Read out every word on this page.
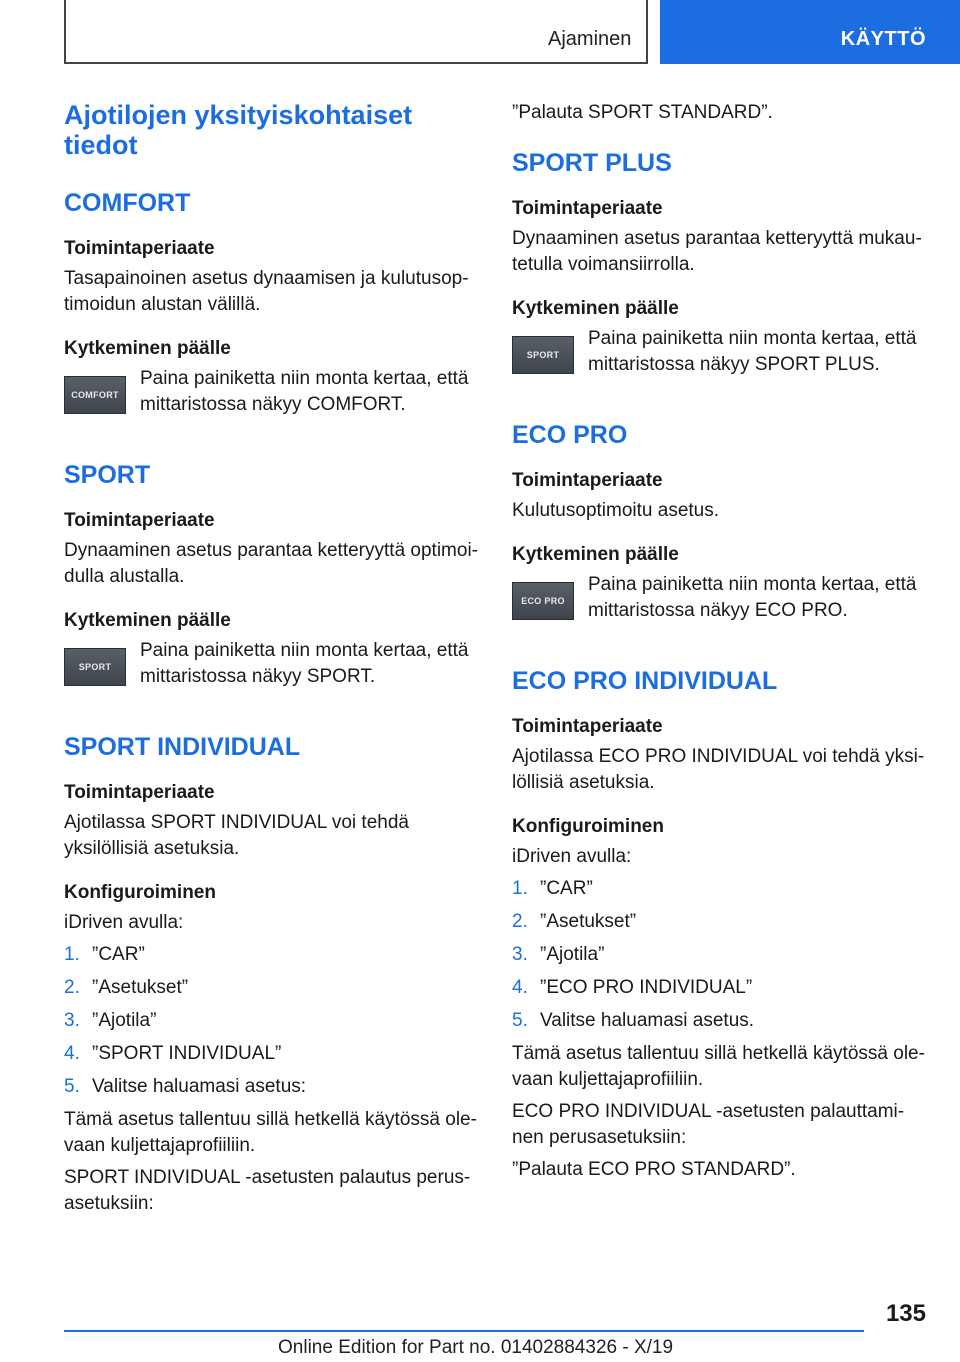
Ajaminen	KÄYTTÖ
Ajotilojen yksityiskohtaiset tiedot
COMFORT
Toimintaperiaate
Tasapainoinen asetus dynaamisen ja kulutusoptimoidun alustan välillä.
Kytkeminen päälle
COMFORT
Paina painiketta niin monta kertaa, että mittaristossa näkyy COMFORT.
SPORT
Toimintaperiaate
Dynaaminen asetus parantaa ketteryyttä optimoidulla alustalla.
Kytkeminen päälle
SPORT
Paina painiketta niin monta kertaa, että mittaristossa näkyy SPORT.
SPORT INDIVIDUAL
Toimintaperiaate
Ajotilassa SPORT INDIVIDUAL voi tehdä yksilöllisiä asetuksia.
Konfiguroiminen
iDriven avulla:
1. ”CAR”
2. ”Asetukset”
3. ”Ajotila”
4. ”SPORT INDIVIDUAL”
5. Valitse haluamasi asetus:
Tämä asetus tallentuu sillä hetkellä käytössä olevaan kuljettajaprofiiliin.
SPORT INDIVIDUAL -asetusten palautus perusasetuksiin:
”Palauta SPORT STANDARD”.
SPORT PLUS
Toimintaperiaate
Dynaaminen asetus parantaa ketteryyttä mukautetulla voimansiirrolla.
Kytkeminen päälle
SPORT
Paina painiketta niin monta kertaa, että mittaristossa näkyy SPORT PLUS.
ECO PRO
Toimintaperiaate
Kulutusoptimoitu asetus.
Kytkeminen päälle
ECO PRO
Paina painiketta niin monta kertaa, että mittaristossa näkyy ECO PRO.
ECO PRO INDIVIDUAL
Toimintaperiaate
Ajotilassa ECO PRO INDIVIDUAL voi tehdä yksilöllisiä asetuksia.
Konfiguroiminen
iDriven avulla:
1. ”CAR”
2. ”Asetukset”
3. ”Ajotila”
4. ”ECO PRO INDIVIDUAL”
5. Valitse haluamasi asetus.
Tämä asetus tallentuu sillä hetkellä käytössä olevaan kuljettajaprofiiliin.
ECO PRO INDIVIDUAL -asetusten palauttaminen perusasetuksiin:
”Palauta ECO PRO STANDARD”.
135
Online Edition for Part no. 01402884326 - X/19
